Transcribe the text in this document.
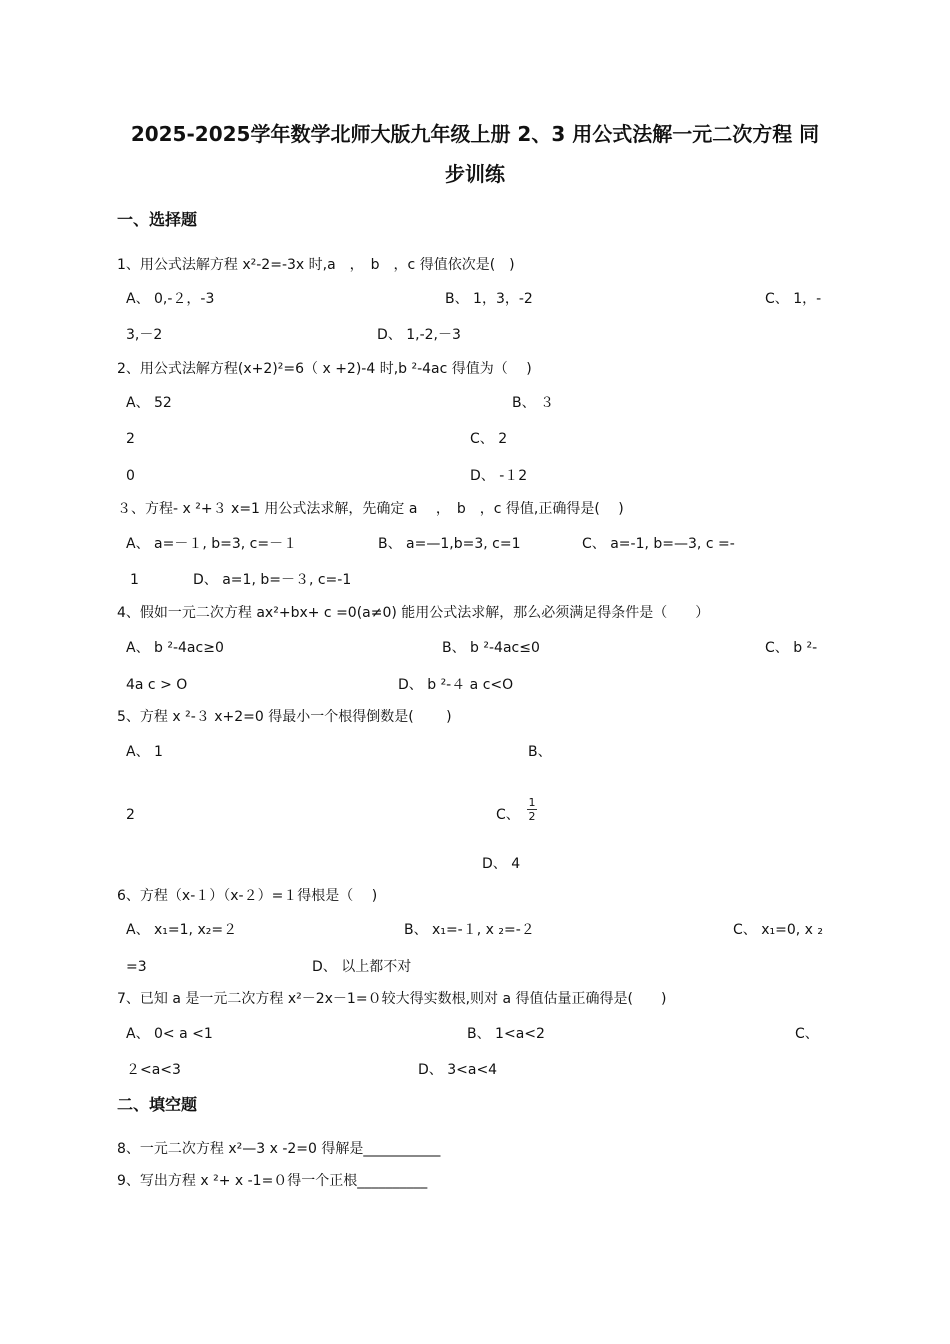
2025-2025学年数学北师大版九年级上册 2、3 用公式法解一元二次方程 同
步训练
一、选择题
1、用公式法解方程 x²-2=-3x 时,a　，　b　，c 得值依次是(　)
A、 0,-２，-3	B、 1，3，-2	C、 1，-
3,－2	D、 1,-2,－3
2、用公式法解方程(x+2)²=6（ x +2)-4 时,b ²-4ac 得值为（　 )
A、 52	B、 ３
2	C、 2
0	D、 -１2
３、方程- x ²+３ x=1 用公式法求解，先确定 a　 ，　b　，c 得值,正确得是(　 )
A、 a=－１, b=3, c=－１	B、 a=—1,b=3, c=1	C、 a=-1, b=—3, c =-
1	D、 a=1, b=－３, c=-1
4、假如一元二次方程 ax²+bx+ c =0(a≠0) 能用公式法求解，那么必须满足得条件是（　　）
A、 b ²-4ac≥0	B、 b ²-4ac≤0	C、 b ²-
4a c > O	D、 b ²-４ a c<O
5、方程 x ²-３ x+2=0 得最小一个根得倒数是(　　 )
A、 1	B、
2	C、
1
2
D、 4
6、方程（x-１）（x-２）=１得根是（　 )
A、 x₁=1, x₂=２	B、 x₁=-１, x ₂=-２	C、 x₁=0, x ₂
=3	D、 以上都不对
7、已知 a 是一元二次方程 x²－2x－1=０较大得实数根,则对 a 得值估量正确得是(　　)
A、 0< a <1	B、 1<a<2	C、
２<a<3	D、 3<a<4
二、填空题
8、一元二次方程 x²—3 x -2=0 得解是___________
9、写出方程 x ²+ x -1=０得一个正根__________
